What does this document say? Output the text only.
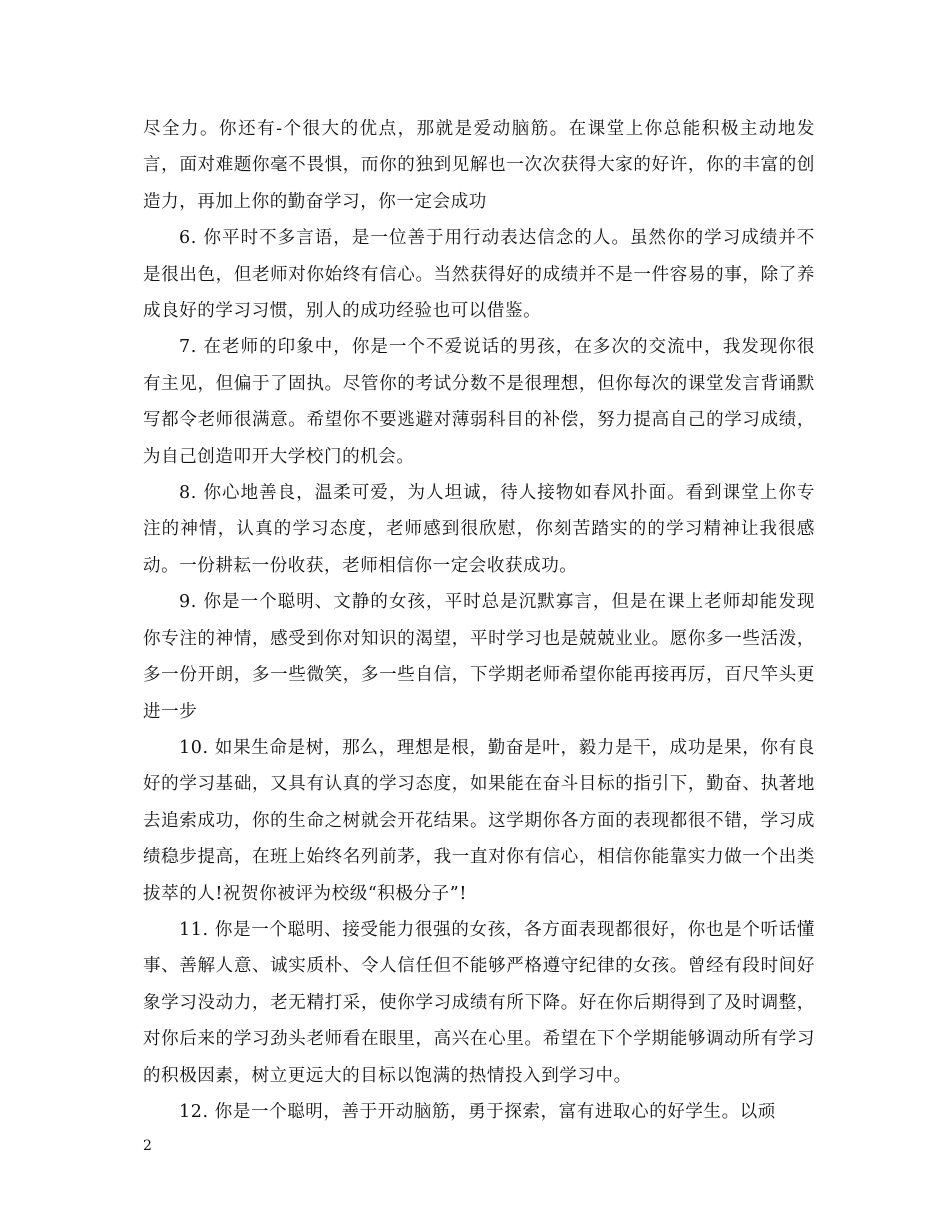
尽全力。你还有-个很大的优点，那就是爱动脑筋。在课堂上你总能积极主动地发言，面对难题你毫不畏惧，而你的独到见解也一次次获得大家的好许，你的丰富的创造力，再加上你的勤奋学习，你一定会成功

6. 你平时不多言语，是一位善于用行动表达信念的人。虽然你的学习成绩并不是很出色，但老师对你始终有信心。当然获得好的成绩并不是一件容易的事，除了养成良好的学习习惯，别人的成功经验也可以借鉴。

7. 在老师的印象中，你是一个不爱说话的男孩，在多次的交流中，我发现你很有主见，但偏于了固执。尽管你的考试分数不是很理想，但你每次的课堂发言背诵默写都令老师很满意。希望你不要逃避对薄弱科目的补偿，努力提高自己的学习成绩，为自己创造叩开大学校门的机会。

8. 你心地善良，温柔可爱，为人坦诚，待人接物如春风扑面。看到课堂上你专注的神情，认真的学习态度，老师感到很欣慰，你刻苦踏实的的学习精神让我很感动。一份耕耘一份收获，老师相信你一定会收获成功。

9. 你是一个聪明、文静的女孩，平时总是沉默寡言，但是在课上老师却能发现你专注的神情，感受到你对知识的渴望，平时学习也是兢兢业业。愿你多一些活泼，多一份开朗，多一些微笑，多一些自信，下学期老师希望你能再接再厉，百尺竿头更进一步

10. 如果生命是树，那么，理想是根，勤奋是叶，毅力是干，成功是果，你有良好的学习基础，又具有认真的学习态度，如果能在奋斗目标的指引下，勤奋、执著地去追索成功，你的生命之树就会开花结果。这学期你各方面的表现都很不错，学习成绩稳步提高，在班上始终名列前茅，我一直对你有信心，相信你能靠实力做一个出类拔萃的人!祝贺你被评为校级“积极分子”!

11. 你是一个聪明、接受能力很强的女孩，各方面表现都很好，你也是个听话懂事、善解人意、诚实质朴、令人信任但不能够严格遵守纪律的女孩。曾经有段时间好象学习没动力，老无精打采，使你学习成绩有所下降。好在你后期得到了及时调整，对你后来的学习劲头老师看在眼里，高兴在心里。希望在下个学期能够调动所有学习的积极因素，树立更远大的目标以饱满的热情投入到学习中。

12. 你是一个聪明，善于开动脑筋，勇于探索，富有进取心的好学生。以顽

2
